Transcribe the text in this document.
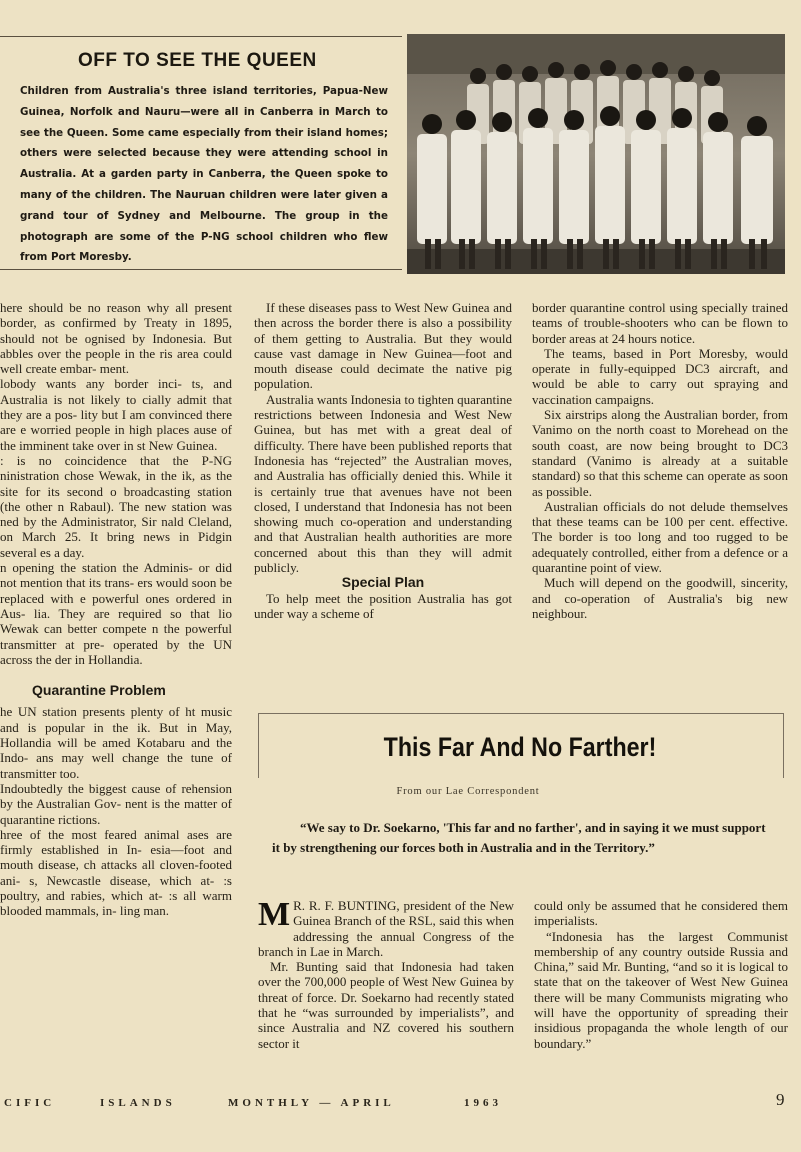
OFF TO SEE THE QUEEN

Children from Australia's three island territories, Papua-New Guinea, Norfolk and Nauru—were all in Canberra in March to see the Queen. Some came especially from their island homes; others were selected because they were attending school in Australia. At a garden party in Canberra, the Queen spoke to many of the children. The Nauruan children were later given a grand tour of Sydney and Melbourne. The group in the photograph are some of the P-NG school children who flew from Port Moresby.

here should be no reason why all present border, as confirmed by Treaty in 1895, should not be ognised by Indonesia. But abbles over the people in the ris area could well create embar- ment.

lobody wants any border inci- ts, and Australia is not likely to cially admit that they are a pos- lity but I am convinced there are e worried people in high places ause of the imminent take over in st New Guinea.

: is no coincidence that the P-NG ninistration chose Wewak, in the ik, as the site for its second o broadcasting station (the other n Rabaul). The new station was ned by the Administrator, Sir nald Cleland, on March 25. It bring news in Pidgin several es a day.

n opening the station the Adminis- or did not mention that its trans- ers would soon be replaced with e powerful ones ordered in Aus- lia. They are required so that lio Wewak can better compete n the powerful transmitter at pre- operated by the UN across the der in Hollandia.

Quarantine Problem

he UN station presents plenty of ht music and is popular in the ik. But in May, Hollandia will be amed Kotabaru and the Indo- ans may well change the tune of transmitter too.

Indoubtedly the biggest cause of rehension by the Australian Gov- nent is the matter of quarantine rictions.

hree of the most feared animal ases are firmly established in In- esia—foot and mouth disease, ch attacks all cloven-footed ani- s, Newcastle disease, which at- :s poultry, and rabies, which at- :s all warm blooded mammals, in- ling man.

If these diseases pass to West New Guinea and then across the border there is also a possibility of them getting to Australia. But they would cause vast damage in New Guinea—foot and mouth disease could decimate the native pig population.

Australia wants Indonesia to tighten quarantine restrictions between Indonesia and West New Guinea, but has met with a great deal of difficulty. There have been published reports that Indonesia has “rejected” the Australian moves, and Australia has officially denied this. While it is certainly true that avenues have not been closed, I understand that Indonesia has not been showing much co-operation and understanding and that Australian health authorities are more concerned about this than they will admit publicly.

Special Plan

To help meet the position Australia has got under way a scheme of

border quarantine control using specially trained teams of trouble-shooters who can be flown to border areas at 24 hours notice.

The teams, based in Port Moresby, would operate in fully-equipped DC3 aircraft, and would be able to carry out spraying and vaccination campaigns.

Six airstrips along the Australian border, from Vanimo on the north coast to Morehead on the south coast, are now being brought to DC3 standard (Vanimo is already at a suitable standard) so that this scheme can operate as soon as possible.

Australian officials do not delude themselves that these teams can be 100 per cent. effective. The border is too long and too rugged to be adequately controlled, either from a defence or a quarantine point of view.

Much will depend on the goodwill, sincerity, and co-operation of Australia's big new neighbour.

This Far And No Farther!
From our Lae Correspondent

“We say to Dr. Soekarno, 'This far and no farther', and in saying it we must support it by strengthening our forces both in Australia and in the Territory.”

M R. R. F. BUNTING, president of the New Guinea Branch of the RSL, said this when addressing the annual Congress of the branch in Lae in March.

Mr. Bunting said that Indonesia had taken over the 700,000 people of West New Guinea by threat of force. Dr. Soekarno had recently stated that he “was surrounded by imperialists”, and since Australia and NZ covered his southern sector it

could only be assumed that he considered them imperialists.

“Indonesia has the largest Communist membership of any country outside Russia and China,” said Mr. Bunting, “and so it is logical to state that on the takeover of West New Guinea there will be many Communists migrating who will have the opportunity of spreading their insidious propaganda the whole length of our boundary.”

CIFIC	ISLANDS	MONTHLY — APRIL	1963	9
